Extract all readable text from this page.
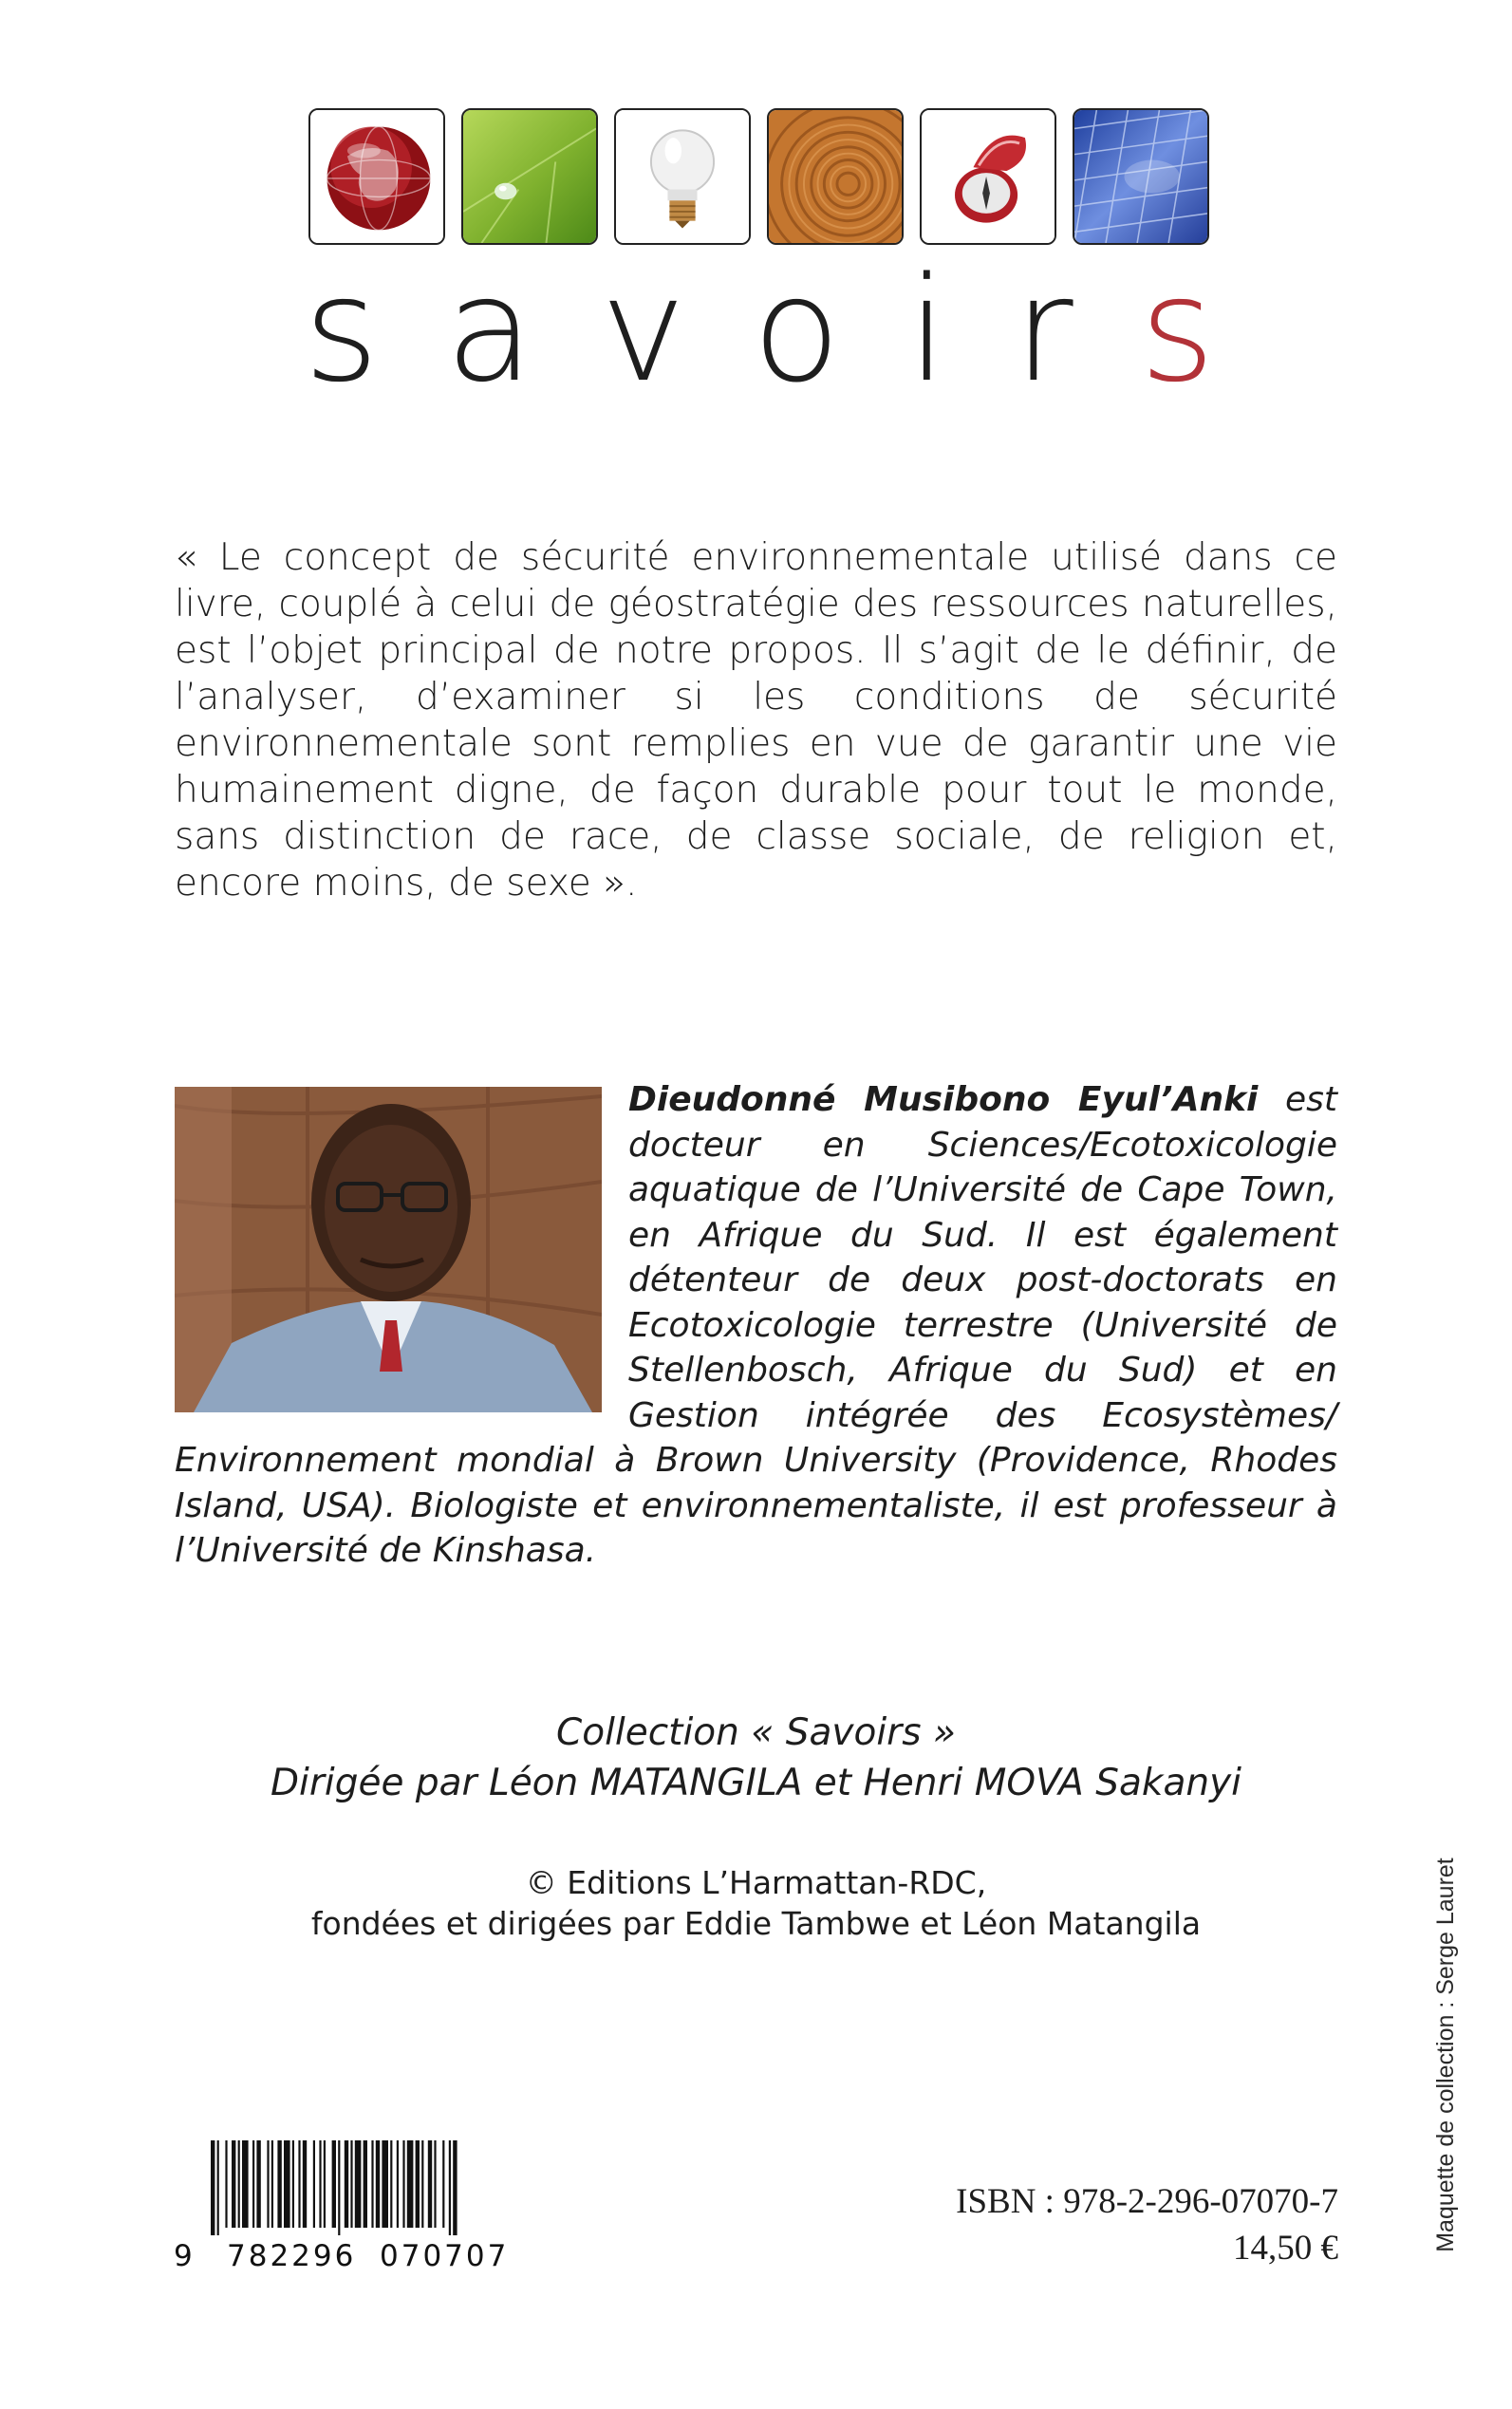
s a v o i r s

« Le concept de sécurité environnementale utilisé dans ce livre, couplé à celui de géostratégie des ressources naturelles, est l’objet principal de notre propos. Il s’agit de le définir, de l’analyser, d’examiner si les conditions de sécurité environnementale sont remplies en vue de garantir une vie humainement digne, de façon durable pour tout le monde, sans distinction de race, de classe sociale, de religion et, encore moins, de sexe ».

Dieudonné Musibono Eyul’Anki est docteur en Sciences/Ecotoxicologie aquatique de l’Université de Cape Town, en Afrique du Sud. Il est également détenteur de deux post-doctorats en Ecotoxicologie terrestre (Université de Stellenbosch, Afrique du Sud) et en Gestion intégrée des Ecosystèmes/ Environnement mondial à Brown University (Providence, Rhodes Island, USA). Biologiste et environnementaliste, il est professeur à l’Université de Kinshasa.

Collection « Savoirs »

Dirigée par Léon MATANGILA et Henri MOVA Sakanyi

© Editions L’Harmattan-RDC,

fondées et dirigées par Eddie Tambwe et Léon Matangila	Maquette de collection : Serge Lauret
9 782296 070707

ISBN : 978-2-296-07070-7

14,50 €
